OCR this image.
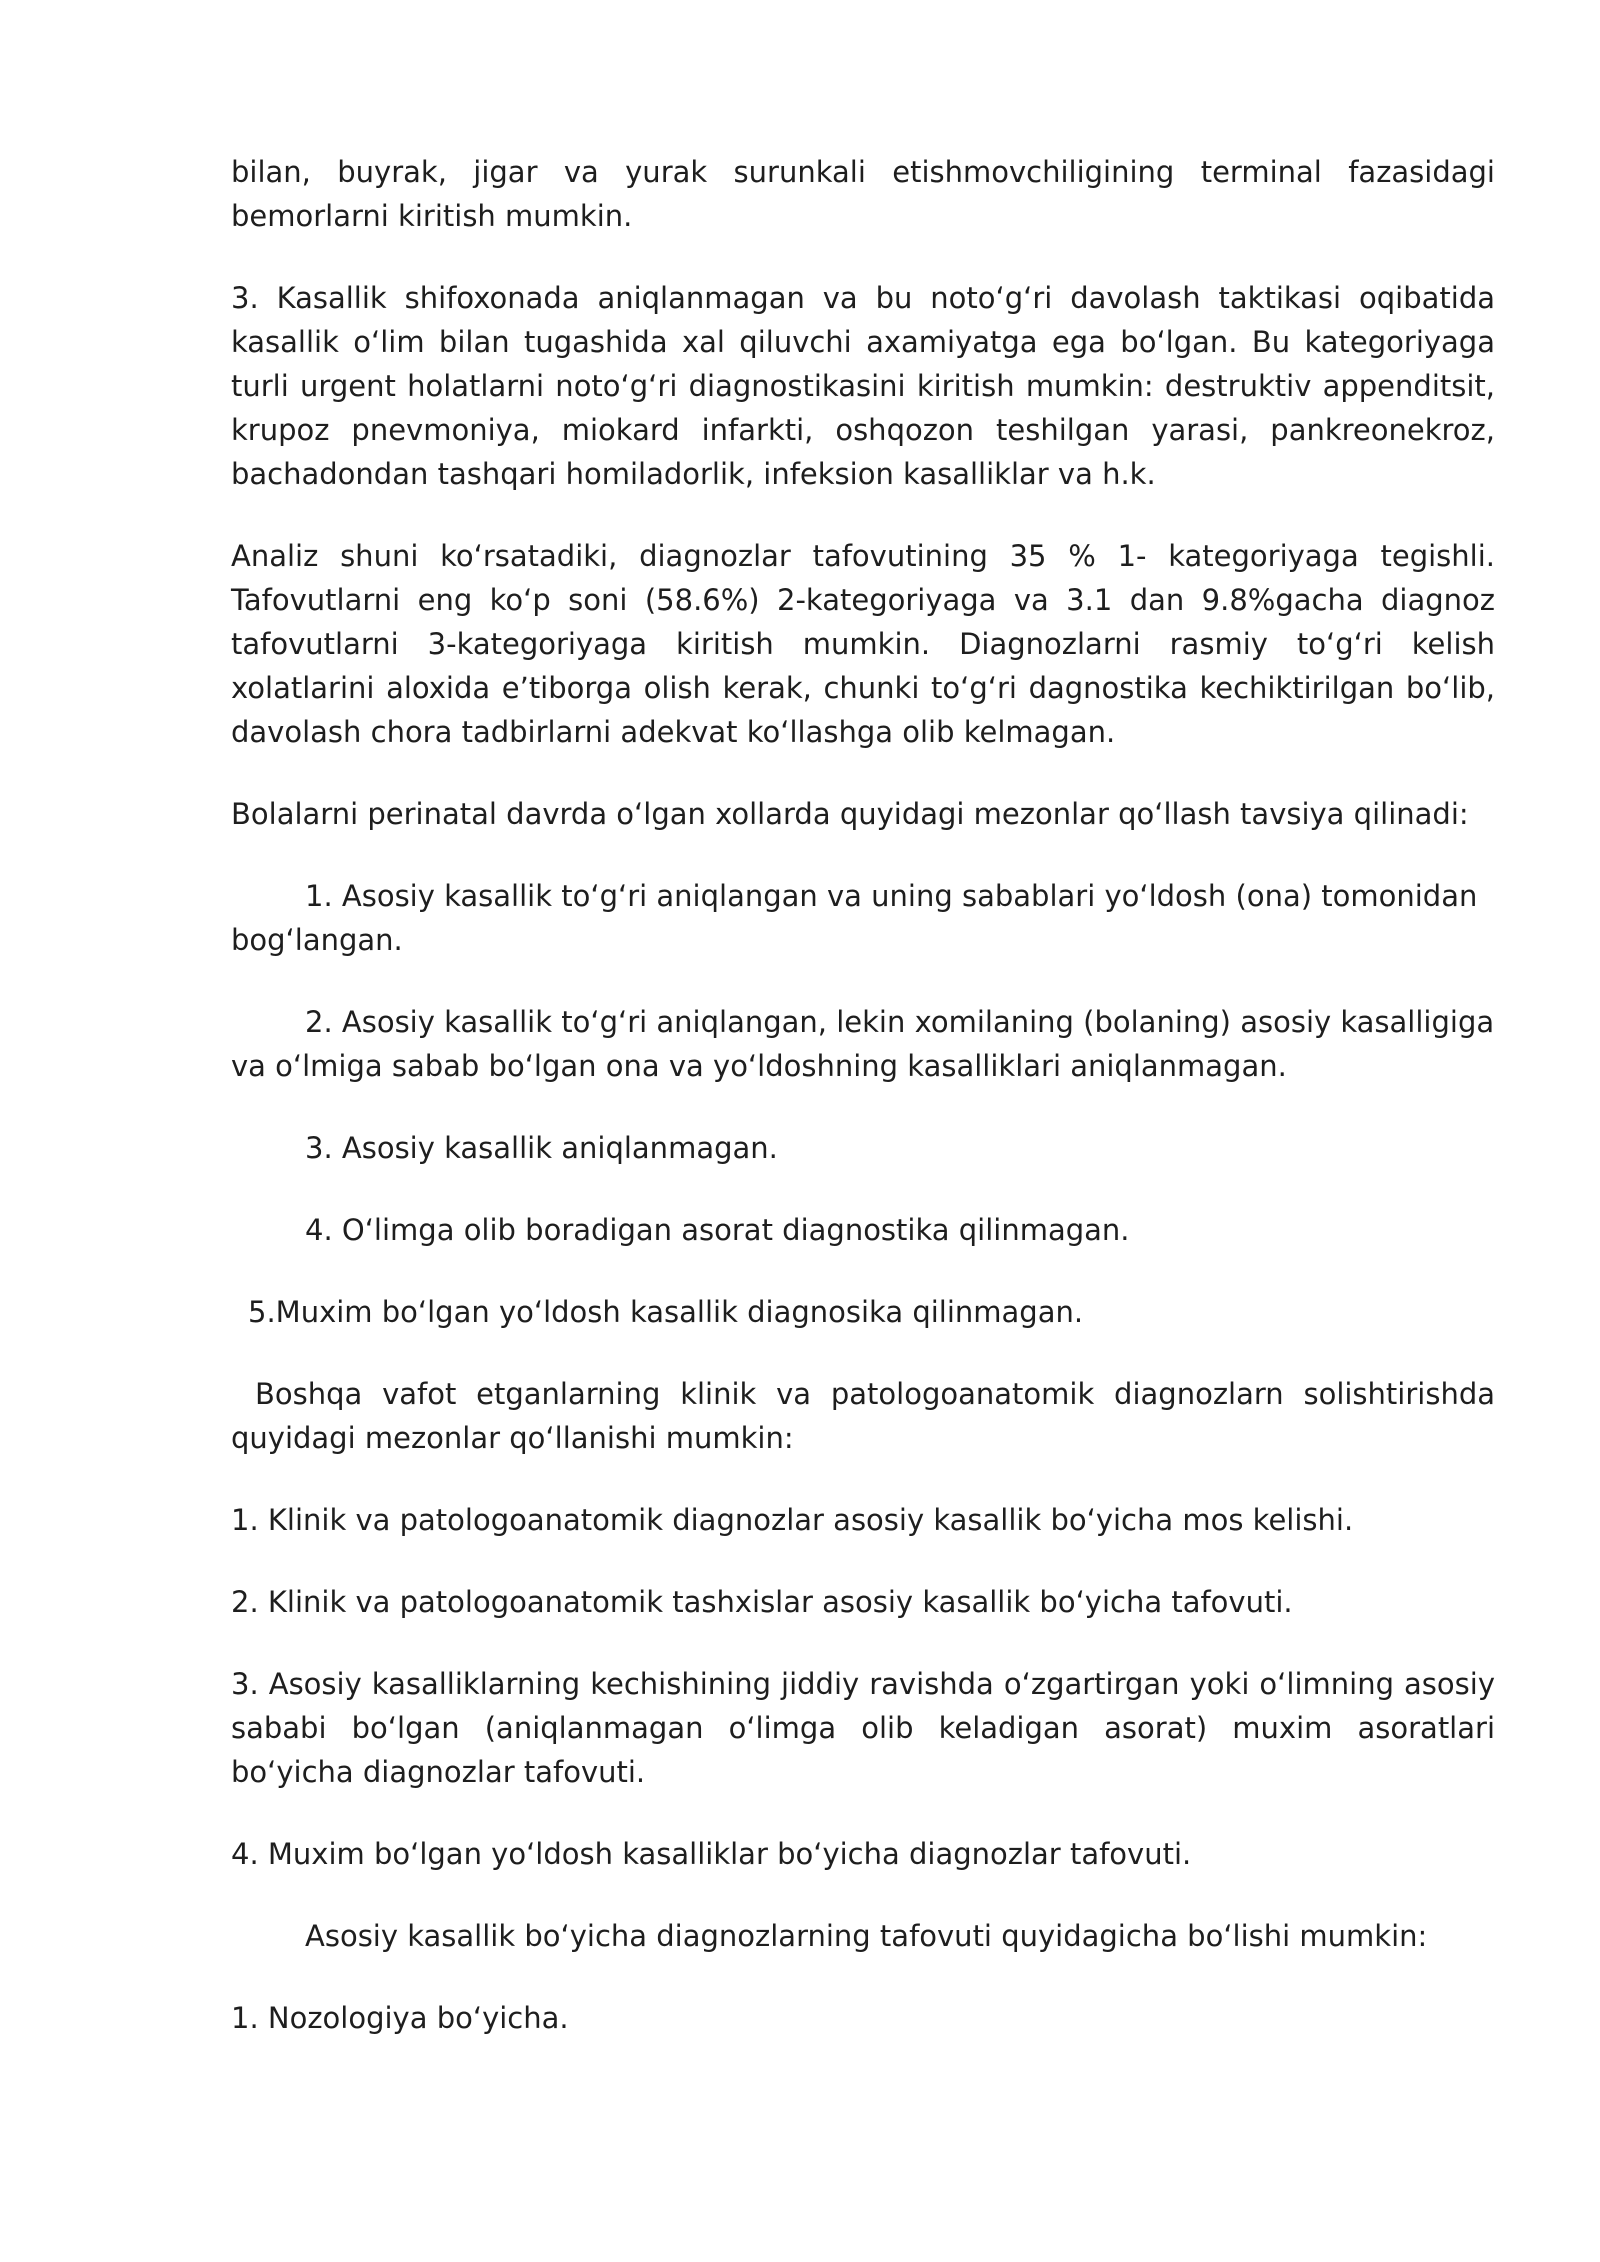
bilan, buyrak, jigar va yurak surunkali etishmovchiligining terminal fazasidagi bemorlarni kiritish mumkin.

3. Kasallik shifoxonada aniqlanmagan va bu noto‘g‘ri davolash taktikasi oqibatida kasallik o‘lim bilan tugashida xal qiluvchi axamiyatga ega bo‘lgan. Bu kategoriyaga turli urgent holatlarni noto‘g‘ri diagnostikasini kiritish mumkin: destruktiv appenditsit, krupoz pnevmoniya, miokard infarkti, oshqozon teshilgan yarasi, pankreonekroz, bachadondan tashqari homiladorlik, infeksion kasalliklar va h.k.

Analiz shuni ko‘rsatadiki, diagnozlar tafovutining 35 % 1- kategoriyaga tegishli. Tafovutlarni eng ko‘p soni (58.6%) 2-kategoriyaga va 3.1 dan 9.8%gacha diagnoz tafovutlarni 3-kategoriyaga kiritish mumkin. Diagnozlarni rasmiy to‘g‘ri kelish xolatlarini aloxida e’tiborga olish kerak, chunki to‘g‘ri dagnostika kechiktirilgan bo‘lib, davolash chora tadbirlarni adekvat ko‘llashga olib kelmagan.

Bolalarni perinatal davrda o‘lgan xollarda quyidagi mezonlar qo‘llash tavsiya qilinadi:

1. Asosiy kasallik to‘g‘ri aniqlangan va uning sabablari yo‘ldosh (ona) tomonidan bog‘langan.

2. Asosiy kasallik to‘g‘ri aniqlangan, lekin xomilaning (bolaning) asosiy kasalligiga va o‘lmiga sabab bo‘lgan ona va yo‘ldoshning kasalliklari aniqlanmagan.

3. Asosiy kasallik aniqlanmagan.

4. O‘limga olib boradigan asorat diagnostika qilinmagan.

5.Muxim bo‘lgan yo‘ldosh kasallik diagnosika qilinmagan.

Boshqa vafot etganlarning klinik va patologoanatomik diagnozlarn solishtirishda quyidagi mezonlar qo‘llanishi mumkin:

1. Klinik va patologoanatomik diagnozlar asosiy kasallik bo‘yicha mos kelishi.

2. Klinik va patologoanatomik tashxislar asosiy kasallik bo‘yicha tafovuti.

3. Asosiy kasalliklarning kechishining jiddiy ravishda o‘zgartirgan yoki o‘limning asosiy sababi bo‘lgan (aniqlanmagan o‘limga olib keladigan asorat) muxim asoratlari bo‘yicha diagnozlar tafovuti.

4. Muxim bo‘lgan yo‘ldosh kasalliklar bo‘yicha diagnozlar tafovuti.

Asosiy kasallik bo‘yicha diagnozlarning tafovuti quyidagicha bo‘lishi mumkin:

1. Nozologiya bo‘yicha.
